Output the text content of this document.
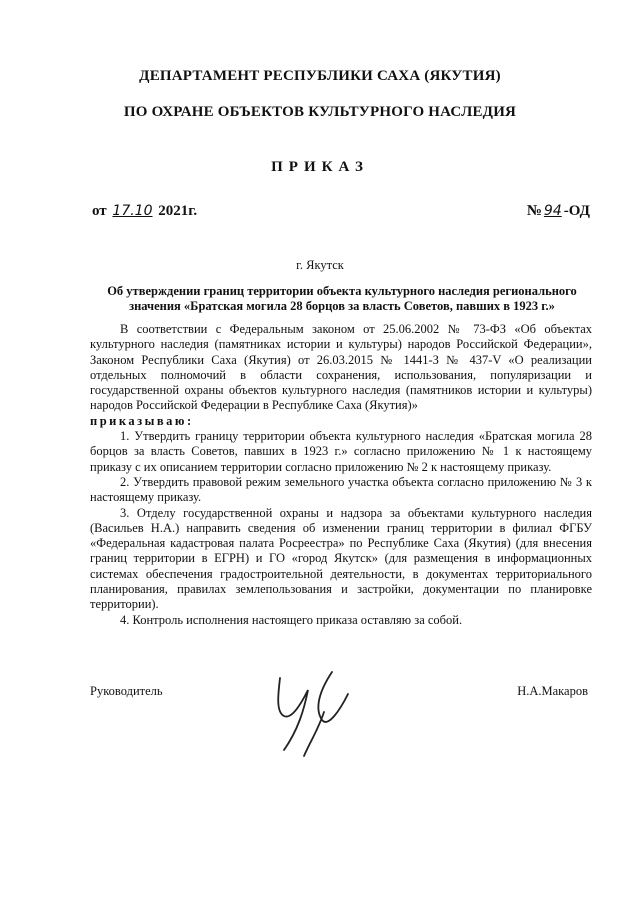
ДЕПАРТАМЕНТ РЕСПУБЛИКИ САХА (ЯКУТИЯ)
ПО ОХРАНЕ ОБЪЕКТОВ КУЛЬТУРНОГО НАСЛЕДИЯ
ПРИКАЗ
от 17.10 2021г.	№ 94 -ОД
г. Якутск
Об утверждении границ территории объекта культурного наследия регионального значения «Братская могила 28 борцов за власть Советов, павших в 1923 г.»

В соответствии с Федеральным законом от 25.06.2002 № 73-ФЗ «Об объектах культурного наследия (памятниках истории и культуры) народов Российской Федерации», Законом Республики Саха (Якутия) от 26.03.2015 № 1441-З № 437-V «О реализации отдельных полномочий в области сохранения, использования, популяризации и государственной охраны объектов культурного наследия (памятников истории и культуры) народов Российской Федерации в Республике Саха (Якутия)»

приказываю:

1. Утвердить границу территории объекта культурного наследия «Братская могила 28 борцов за власть Советов, павших в 1923 г.» согласно приложению № 1 к настоящему приказу с их описанием территории согласно приложению № 2 к настоящему приказу.

2. Утвердить правовой режим земельного участка объекта согласно приложению № 3 к настоящему приказу.

3. Отделу государственной охраны и надзора за объектами культурного наследия (Васильев Н.А.) направить сведения об изменении границ территории в филиал ФГБУ «Федеральная кадастровая палата Росреестра» по Республике Саха (Якутия) (для внесения границ территории в ЕГРН) и ГО «город Якутск» (для размещения в информационных системах обеспечения градостроительной деятельности, в документах территориального планирования, правилах землепользования и застройки, документации по планировке территории).

4. Контроль исполнения настоящего приказа оставляю за собой.

Руководитель	Н.А.Макаров
